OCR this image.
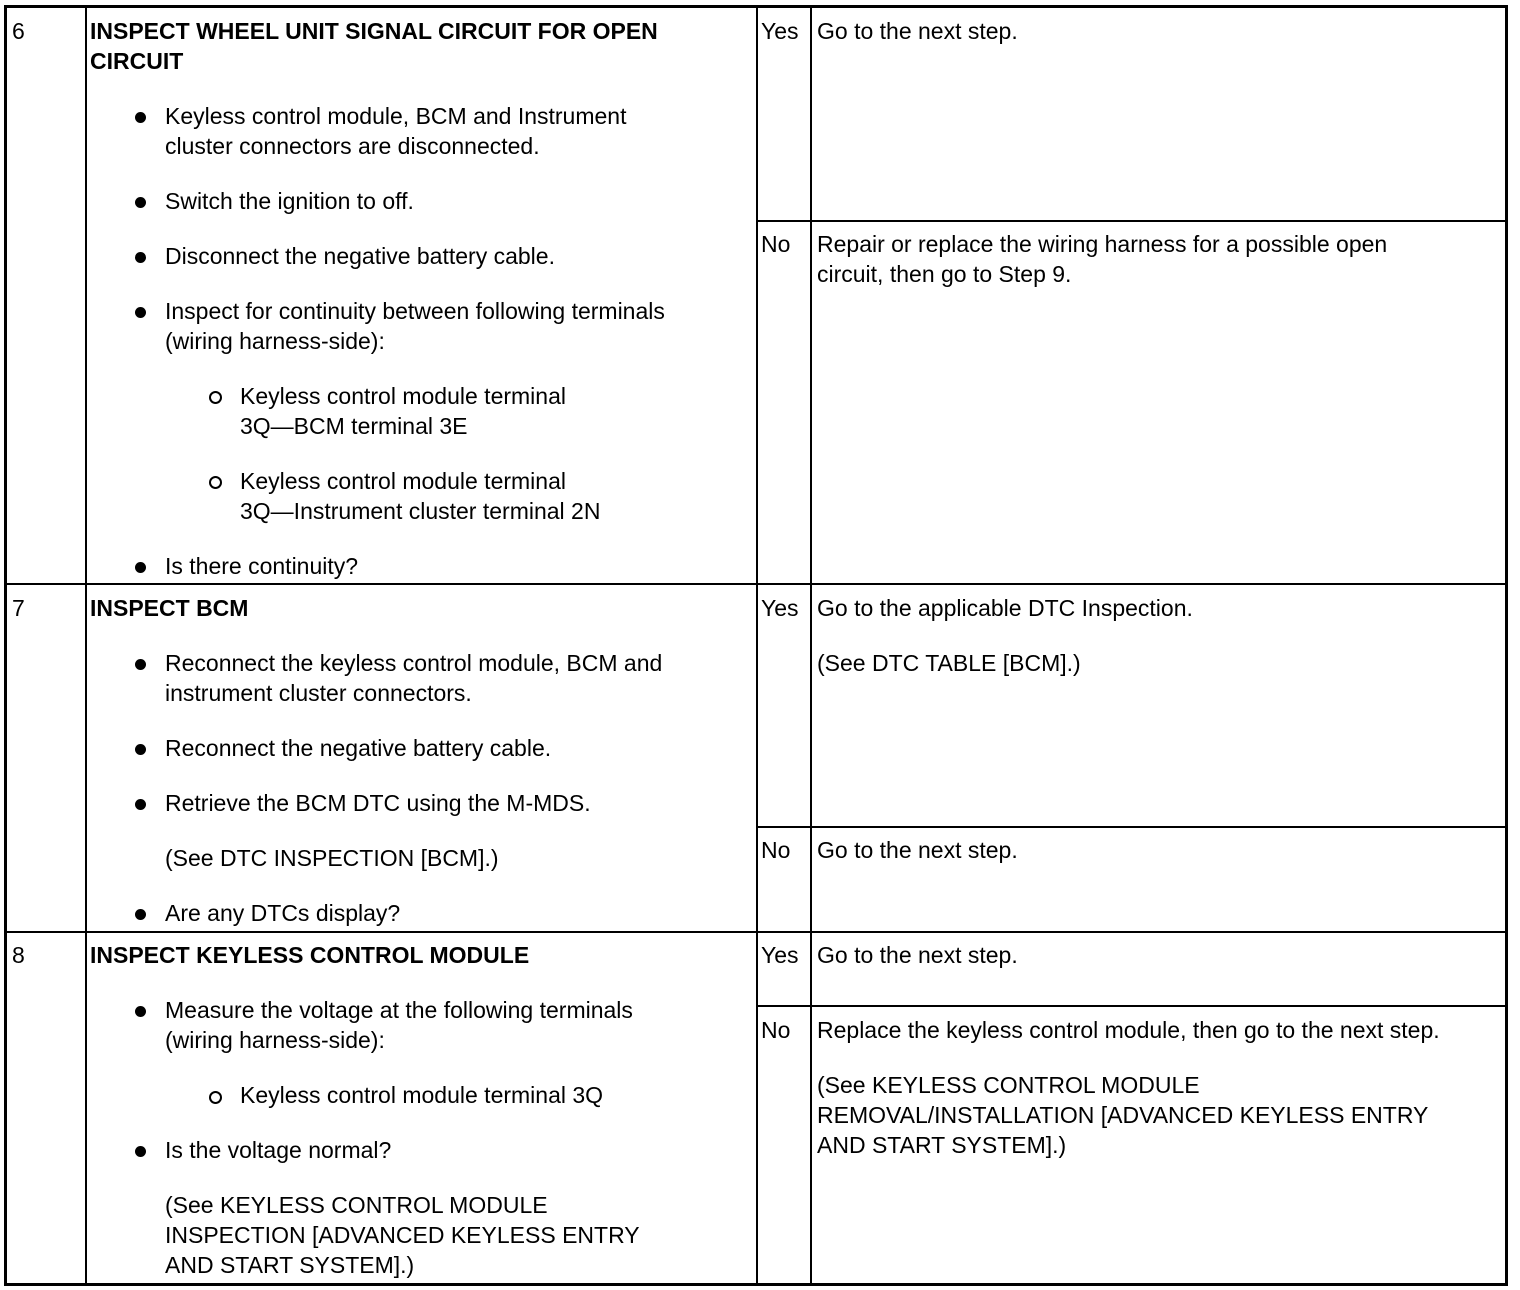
6	INSPECT WHEEL UNIT SIGNAL CIRCUIT FOR OPEN
CIRCUIT
Keyless control module, BCM and Instrument
cluster connectors are disconnected.
Switch the ignition to off.
Disconnect the negative battery cable.
Inspect for continuity between following terminals
(wiring harness-side):
Keyless control module terminal
3Q—BCM terminal 3E
Keyless control module terminal
3Q—Instrument cluster terminal 2N
Is there continuity?
Yes Go to the next step.
No Repair or replace the wiring harness for a possible open
circuit, then go to Step 9.
7	INSPECT BCM
Reconnect the keyless control module, BCM and
instrument cluster connectors.
Reconnect the negative battery cable.
Retrieve the BCM DTC using the M-MDS.
(See DTC INSPECTION [BCM].)
Are any DTCs display?
Yes Go to the applicable DTC Inspection.
(See DTC TABLE [BCM].)
No Go to the next step.
8	INSPECT KEYLESS CONTROL MODULE
Measure the voltage at the following terminals
(wiring harness-side):
Keyless control module terminal 3Q
Is the voltage normal?
(See KEYLESS CONTROL MODULE
INSPECTION [ADVANCED KEYLESS ENTRY
AND START SYSTEM].)
Yes Go to the next step.
No Replace the keyless control module, then go to the next step.
(See KEYLESS CONTROL MODULE
REMOVAL/INSTALLATION [ADVANCED KEYLESS ENTRY
AND START SYSTEM].)
